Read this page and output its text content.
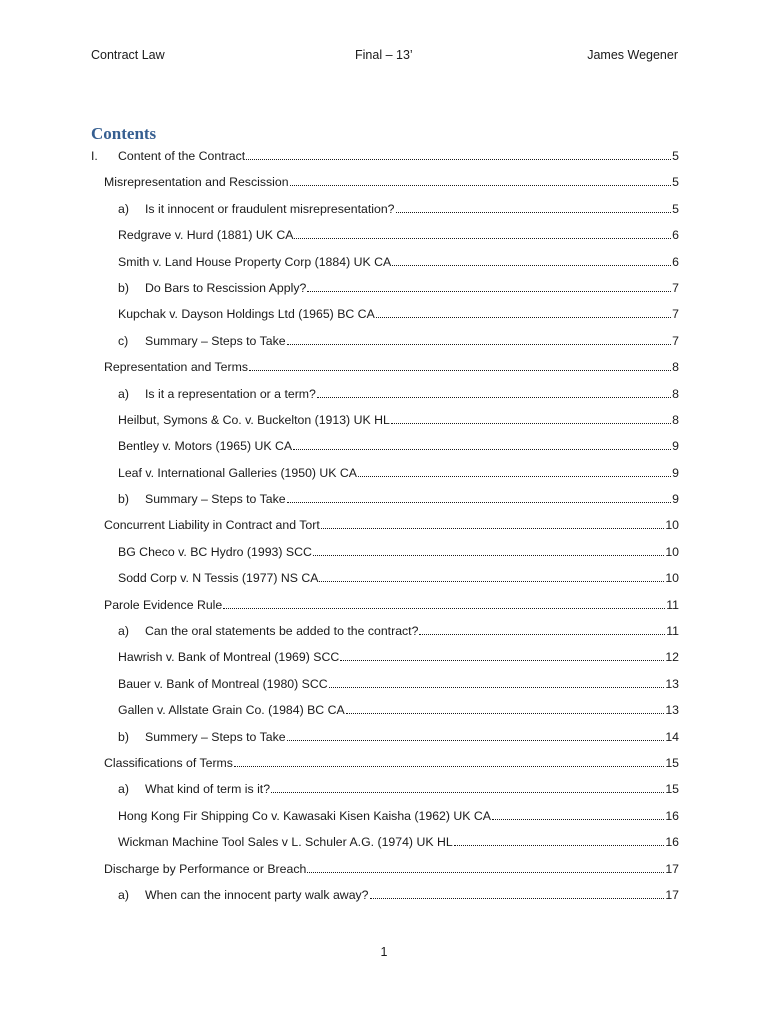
Contract Law	Final – 13’	James Wegener
Contents
I.	Content of the Contract	5
Misrepresentation and Rescission	5
a)	Is it innocent or fraudulent misrepresentation?	5
Redgrave v. Hurd (1881) UK CA	6
Smith v. Land House Property Corp (1884) UK CA	6
b)	Do Bars to Rescission Apply?	7
Kupchak v. Dayson Holdings Ltd (1965) BC CA	7
c)	Summary – Steps to Take	7
Representation and Terms	8
a)	Is it a representation or a term?	8
Heilbut, Symons & Co. v. Buckelton (1913) UK HL	8
Bentley v. Motors (1965) UK CA	9
Leaf v. International Galleries (1950) UK CA	9
b)	Summary – Steps to Take	9
Concurrent Liability in Contract and Tort	10
BG Checo v. BC Hydro (1993) SCC	10
Sodd Corp v. N Tessis (1977) NS CA	10
Parole Evidence Rule	11
a)	Can the oral statements be added to the contract?	11
Hawrish v. Bank of Montreal (1969) SCC	12
Bauer v. Bank of Montreal (1980) SCC	13
Gallen v. Allstate Grain Co. (1984) BC CA	13
b)	Summery – Steps to Take	14
Classifications of Terms	15
a)	What kind of term is it?	15
Hong Kong Fir Shipping Co v. Kawasaki Kisen Kaisha (1962) UK CA	16
Wickman Machine Tool Sales v L. Schuler A.G. (1974) UK HL	16
Discharge by Performance or Breach	17
a)	When can the innocent party walk away?	17
1
